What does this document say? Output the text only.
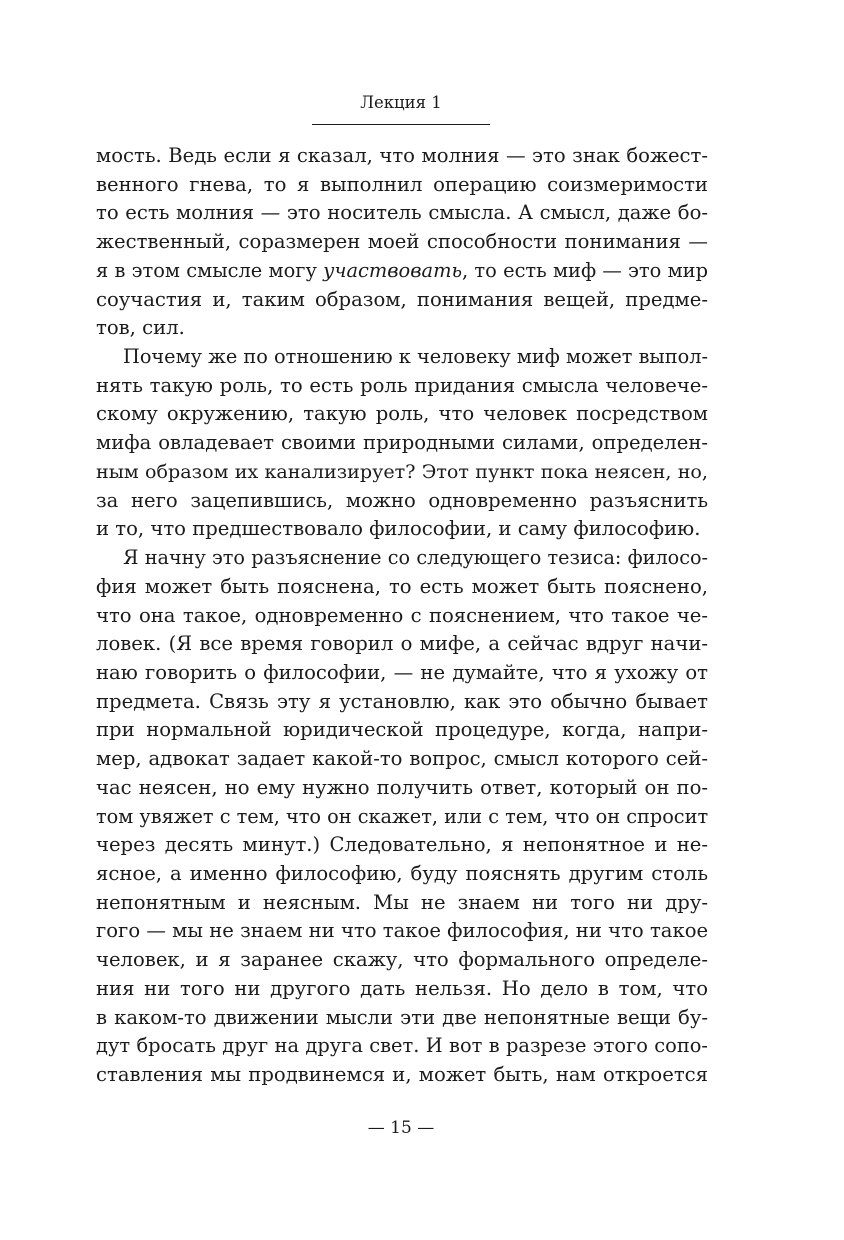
Лекция 1
мость. Ведь если я сказал, что молния — это знак божест-
венного гнева, то я выполнил операцию соизмеримости
то есть молния — это носитель смысла. А смысл, даже бо-
жественный, соразмерен моей способности понимания —
я в этом смысле могу участвовать, то есть миф — это мир
соучастия и, таким образом, понимания вещей, предме-
тов, сил.
Почему же по отношению к человеку миф может выпол-
нять такую роль, то есть роль придания смысла человече-
скому окружению, такую роль, что человек посредством
мифа овладевает своими природными силами, определен-
ным образом их канализирует? Этот пункт пока неясен, но,
за него зацепившись, можно одновременно разъяснить
и то, что предшествовало философии, и саму философию.
Я начну это разъяснение со следующего тезиса: филосо-
фия может быть пояснена, то есть может быть пояснено,
что она такое, одновременно с пояснением, что такое че-
ловек. (Я все время говорил о мифе, а сейчас вдруг начи-
наю говорить о философии, — не думайте, что я ухожу от
предмета. Связь эту я установлю, как это обычно бывает
при нормальной юридической процедуре, когда, напри-
мер, адвокат задает какой-то вопрос, смысл которого сей-
час неясен, но ему нужно получить ответ, который он по-
том увяжет с тем, что он скажет, или с тем, что он спросит
через десять минут.) Следовательно, я непонятное и не-
ясное, а именно философию, буду пояснять другим столь
непонятным и неясным. Мы не знаем ни того ни дру-
гого — мы не знаем ни что такое философия, ни что такое
человек, и я заранее скажу, что формального определе-
ния ни того ни другого дать нельзя. Но дело в том, что
в каком-то движении мысли эти две непонятные вещи бу-
дут бросать друг на друга свет. И вот в разрезе этого сопо-
ставления мы продвинемся и, может быть, нам откроется
— 15 —
